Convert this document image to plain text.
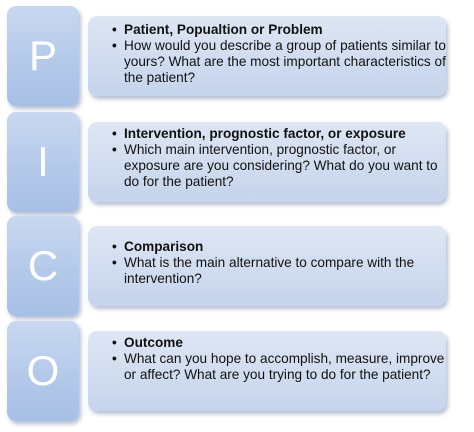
P
• Patient, Popualtion or Problem
• How would you describe a group of patients similar to yours? What are the most important characteristics of the patient?
I
• Intervention, prognostic factor, or exposure
• Which main intervention, prognostic factor, or exposure are you considering? What do you want to do for the patient?
C
•	Comparison
• What is the main alternative to compare with the intervention?
O
• Outcome
• What can you hope to accomplish, measure, improve or affect? What are you trying to do for the patient?
